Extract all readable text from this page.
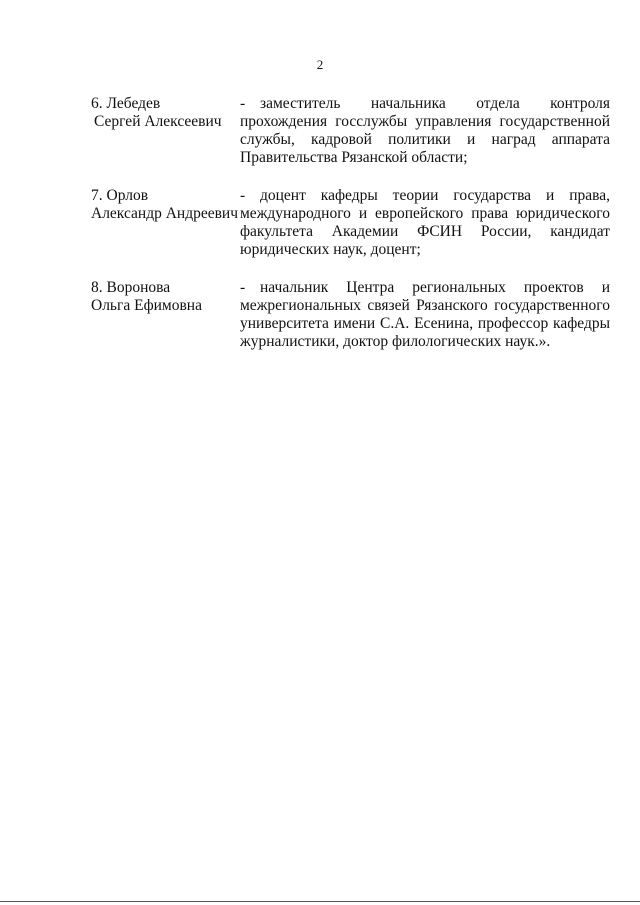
2
6. Лебедев
Сергей Алексеевич
- заместитель начальника отдела контроля прохождения госслужбы управления государственной службы, кадровой политики и наград аппарата Правительства Рязанской области;
7. Орлов
Александр Андреевич
- доцент кафедры теории государства и права, международного и европейского права юридического факультета Академии ФСИН России, кандидат юридических наук, доцент;
8. Воронова
Ольга Ефимовна
- начальник Центра региональных проектов и межрегиональных связей Рязанского государственного университета имени С.А. Есенина, профессор кафедры журналистики, доктор филологических наук.».
